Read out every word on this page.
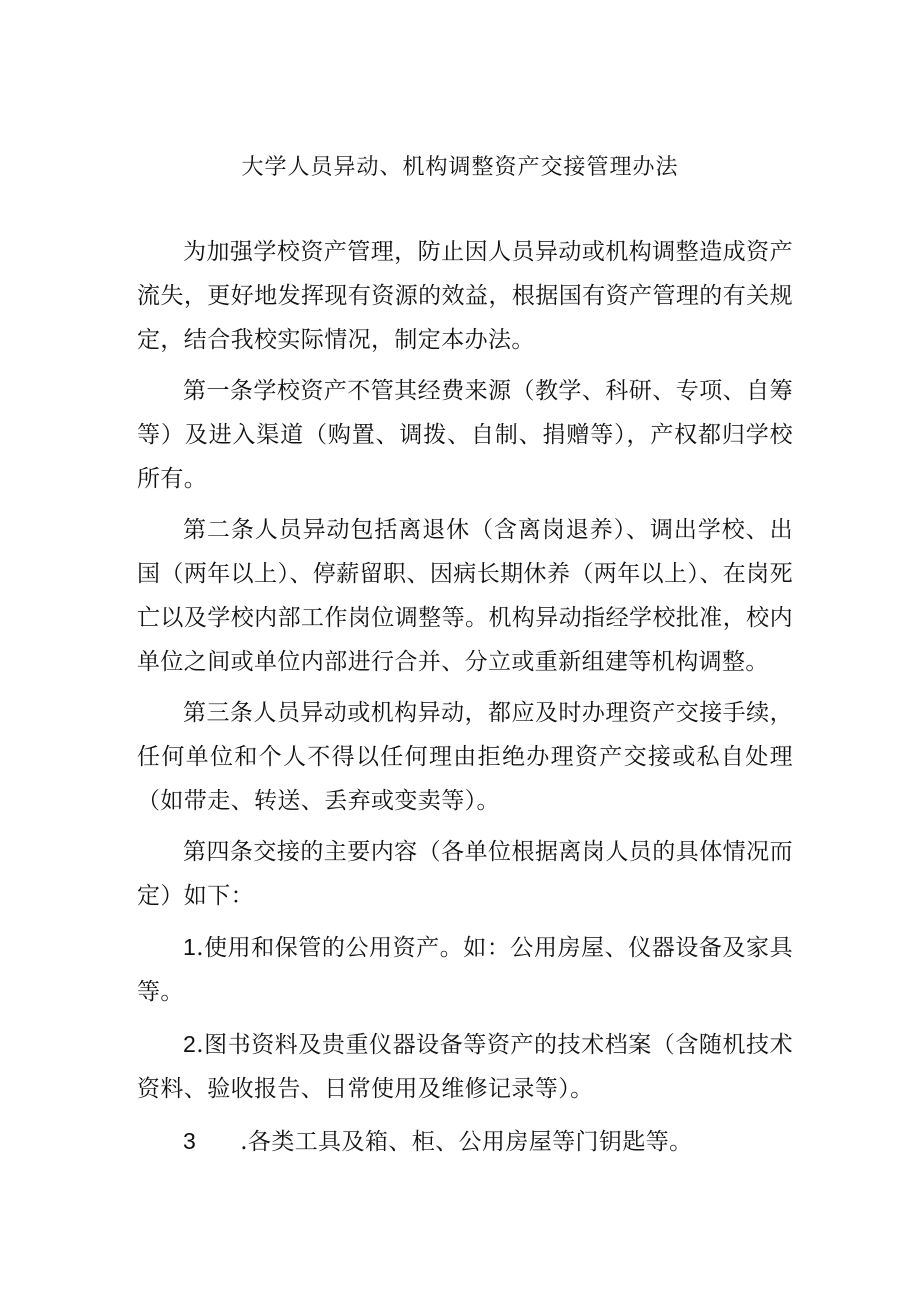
大学人员异动、机构调整资产交接管理办法

为加强学校资产管理，防止因人员异动或机构调整造成资产流失，更好地发挥现有资源的效益，根据国有资产管理的有关规定，结合我校实际情况，制定本办法。

第一条学校资产不管其经费来源（教学、科研、专项、自筹等）及进入渠道（购置、调拨、自制、捐赠等），产权都归学校所有。

第二条人员异动包括离退休（含离岗退养）、调出学校、出国（两年以上）、停薪留职、因病长期休养（两年以上）、在岗死亡以及学校内部工作岗位调整等。机构异动指经学校批准，校内单位之间或单位内部进行合并、分立或重新组建等机构调整。

第三条人员异动或机构异动，都应及时办理资产交接手续，任何单位和个人不得以任何理由拒绝办理资产交接或私自处理（如带走、转送、丢弃或变卖等）。

第四条交接的主要内容（各单位根据离岗人员的具体情况而定）如下：

1.使用和保管的公用资产。如：公用房屋、仪器设备及家具等。

2.图书资料及贵重仪器设备等资产的技术档案（含随机技术资料、验收报告、日常使用及维修记录等）。

3 .各类工具及箱、柜、公用房屋等门钥匙等。
